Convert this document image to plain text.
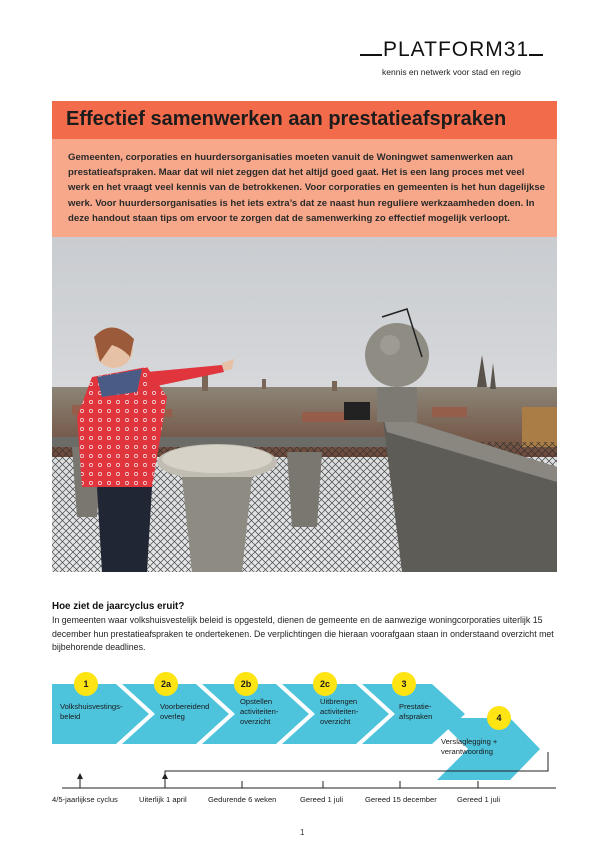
PLATFORM31
kennis en netwerk voor stad en regio
Effectief samenwerken aan prestatieafspraken

Gemeenten, corporaties en huurdersorganisaties moeten vanuit de Woningwet samenwerken aan prestatieafspraken. Maar dat wil niet zeggen dat het altijd goed gaat. Het is een lang proces met veel werk en het vraagt veel kennis van de betrokkenen. Voor corporaties en gemeenten is het hun dagelijkse werk. Voor huurdersorganisaties is het iets extra’s dat ze naast hun reguliere werkzaamheden doen. In deze handout staan tips om ervoor te zorgen dat de samenwerking zo effectief mogelijk verloopt.

Hoe ziet de jaarcyclus eruit?
In gemeenten waar volkshuisvestelijk beleid is opgesteld, dienen de gemeente en de aanwezige woningcorporaties uiterlijk 15 december hun prestatieafspraken te ondertekenen. De verplichtingen die hieraan voorafgaan staan in onderstaand overzicht met bijbehorende deadlines.
1	2a	2b	2c	3
4
Volkshuisvestings-
beleid
Voorbereidend
overleg
Opstellen
activiteiten-
overzicht
Uitbrengen
activiteiten-
overzicht
Prestatie-
afspraken
Verslaglegging +
verantwoording
4/5-jaarlijkse cyclus	Uiterlijk 1 april	Gedurende 6 weken	Gereed 1 juli	Gereed 15 december	Gereed 1 juli
1
